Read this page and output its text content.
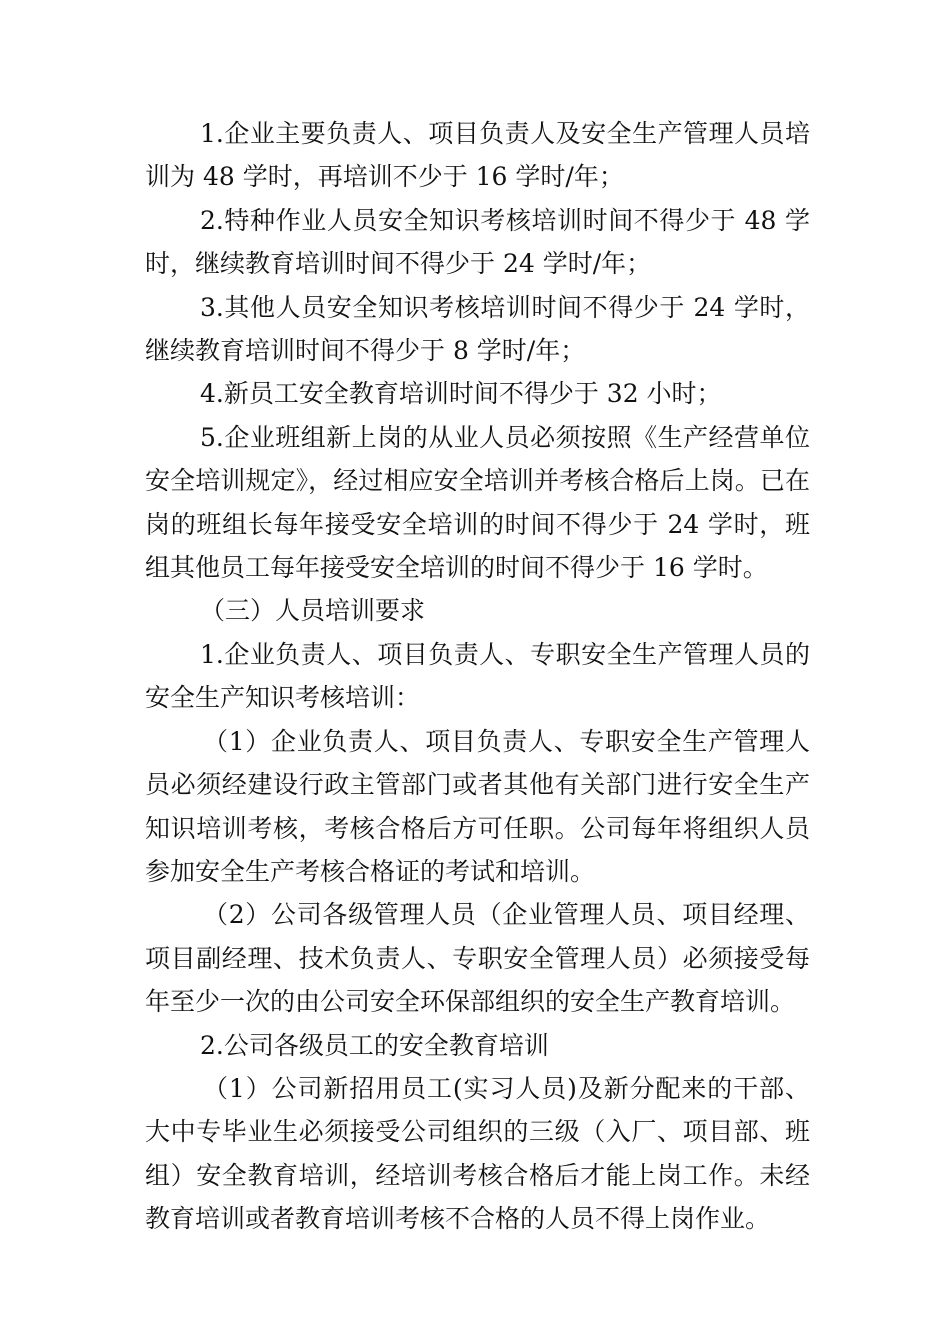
1.企业主要负责人、项目负责人及安全生产管理人员培训为 48 学时，再培训不少于 16 学时/年；

2.特种作业人员安全知识考核培训时间不得少于 48 学时，继续教育培训时间不得少于 24 学时/年；

3.其他人员安全知识考核培训时间不得少于 24 学时，继续教育培训时间不得少于 8 学时/年；

4.新员工安全教育培训时间不得少于 32 小时；

5.企业班组新上岗的从业人员必须按照《生产经营单位安全培训规定》，经过相应安全培训并考核合格后上岗。已在岗的班组长每年接受安全培训的时间不得少于 24 学时，班组其他员工每年接受安全培训的时间不得少于 16 学时。

（三）人员培训要求

1.企业负责人、项目负责人、专职安全生产管理人员的安全生产知识考核培训：

（1）企业负责人、项目负责人、专职安全生产管理人员必须经建设行政主管部门或者其他有关部门进行安全生产知识培训考核，考核合格后方可任职。公司每年将组织人员参加安全生产考核合格证的考试和培训。

（2）公司各级管理人员（企业管理人员、项目经理、项目副经理、技术负责人、专职安全管理人员）必须接受每年至少一次的由公司安全环保部组织的安全生产教育培训。

2.公司各级员工的安全教育培训

（1）公司新招用员工(实习人员)及新分配来的干部、大中专毕业生必须接受公司组织的三级（入厂、项目部、班组）安全教育培训，经培训考核合格后才能上岗工作。未经教育培训或者教育培训考核不合格的人员不得上岗作业。
